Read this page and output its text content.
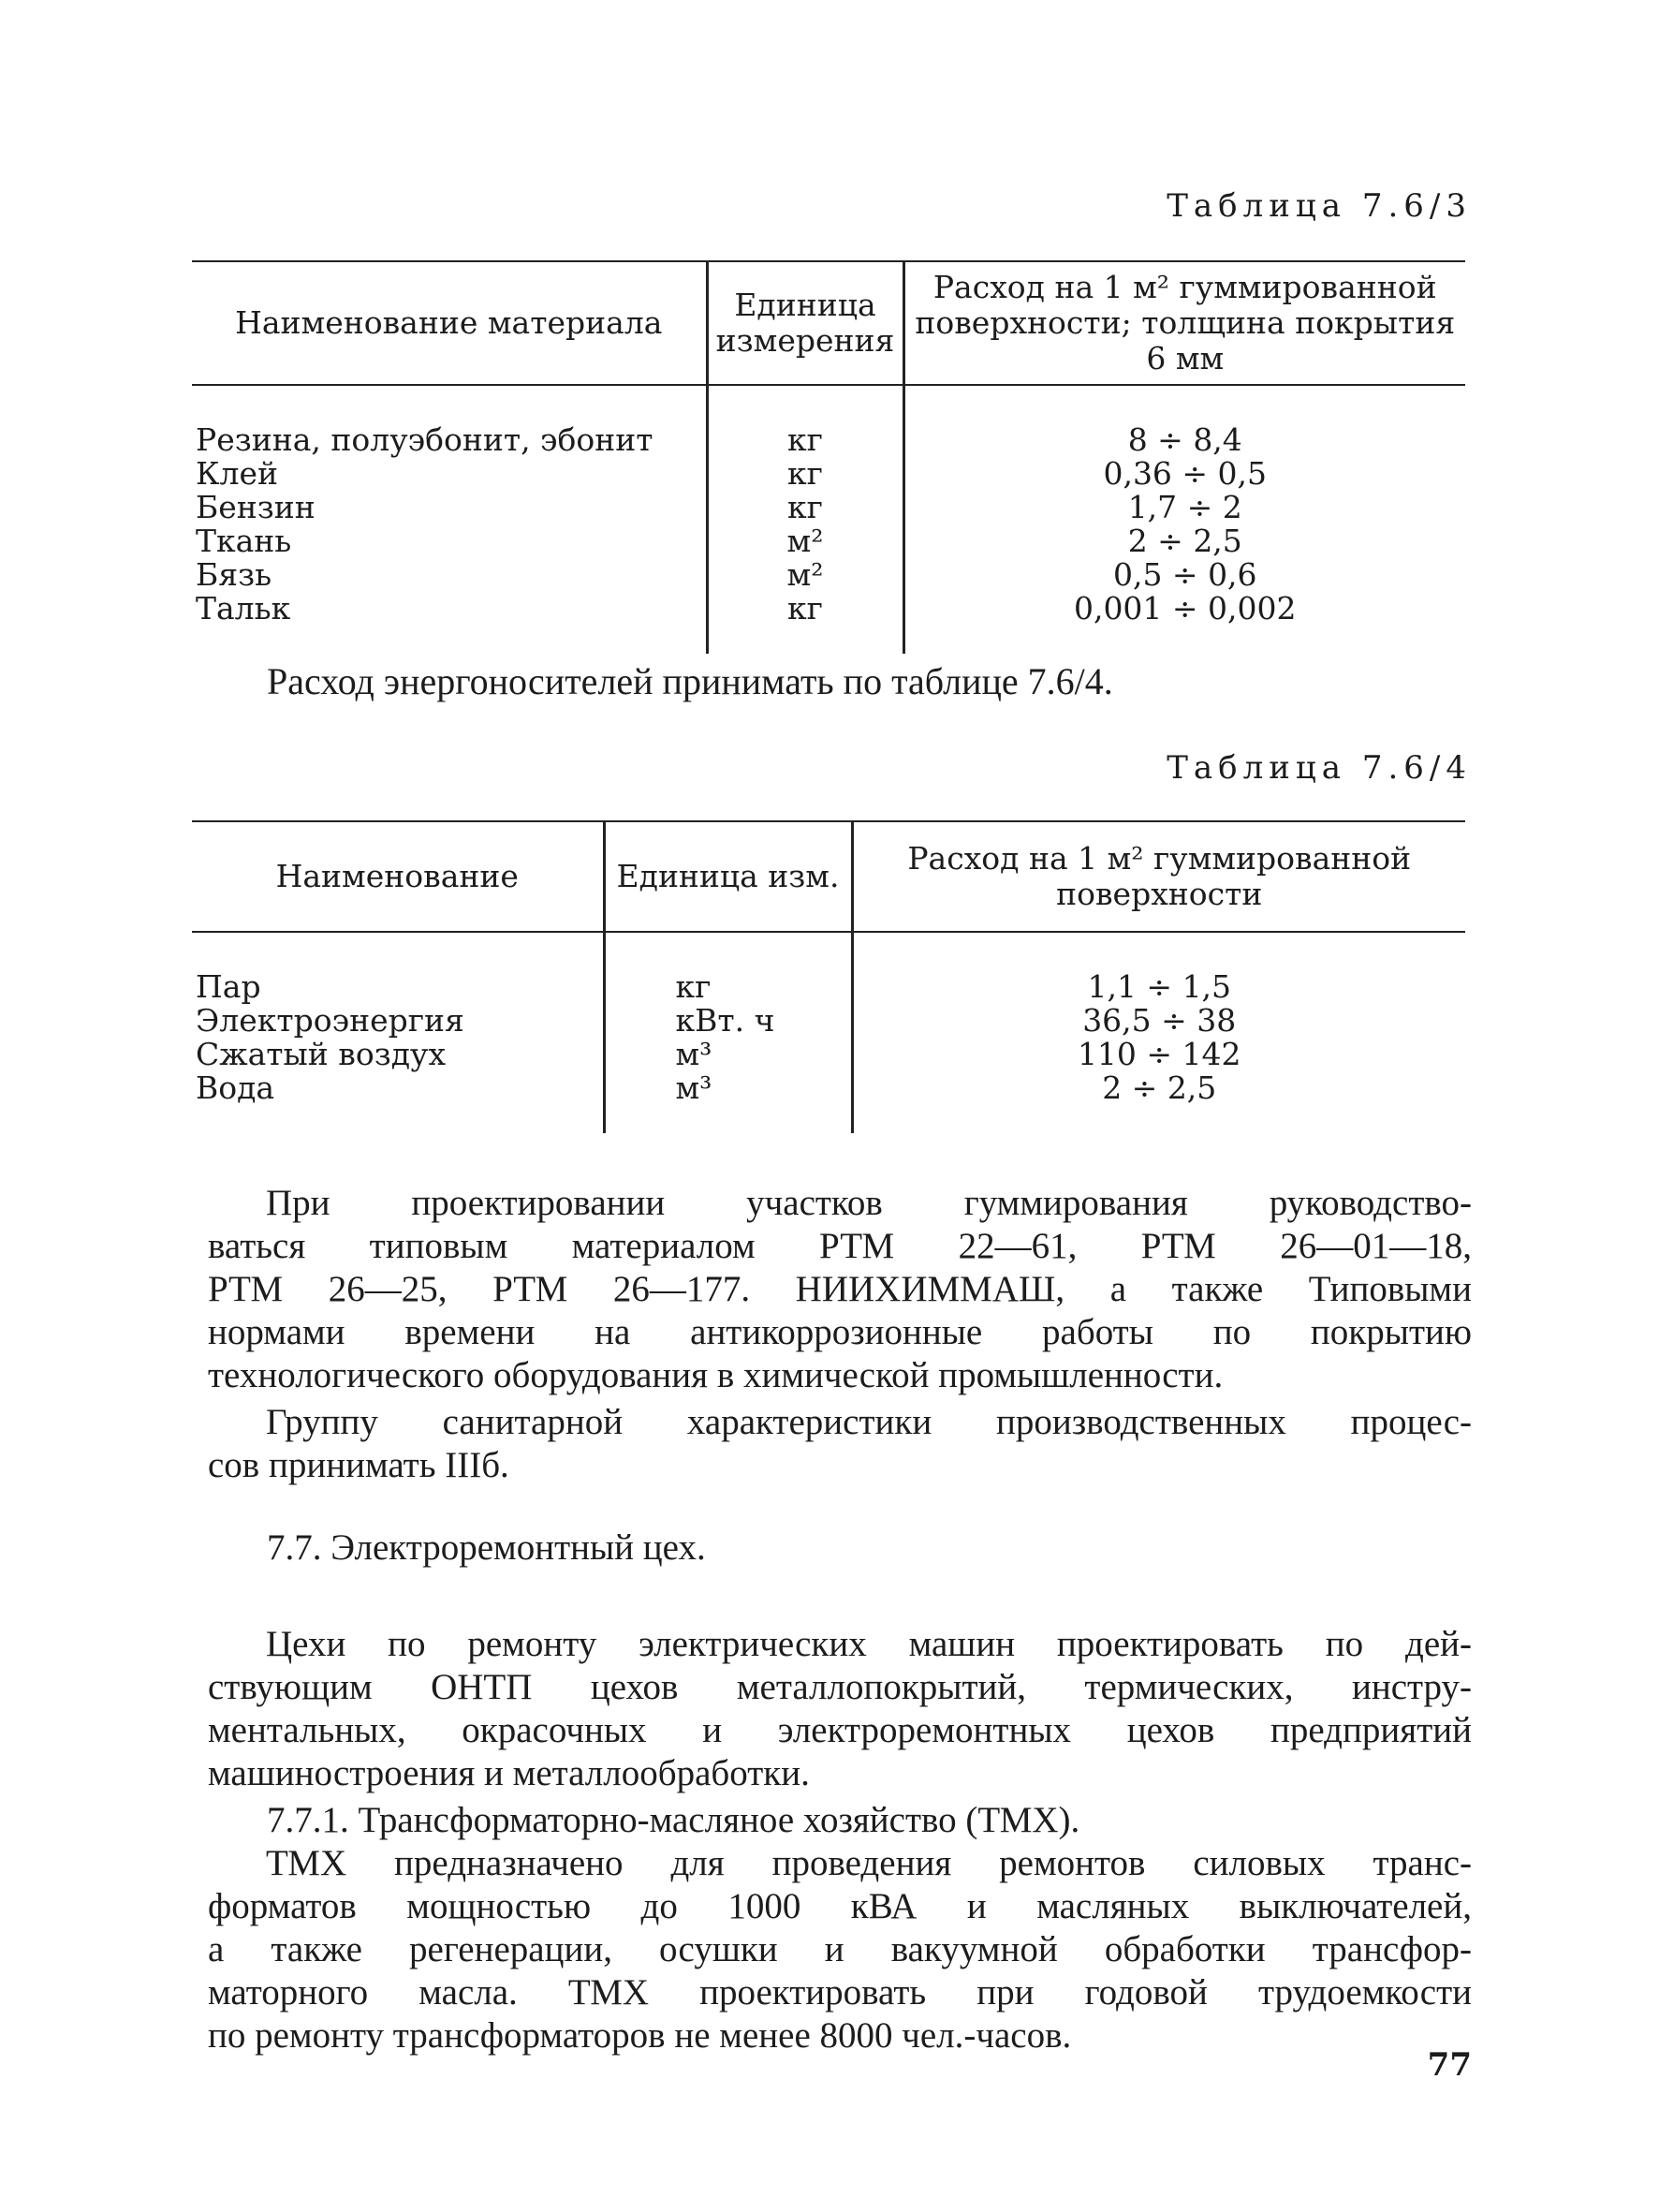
Таблица 7.6/3
Наименование материала	Единица измерения	Расход на 1 м² гуммированной поверхности; толщина покрытия 6 мм
Резина, полуэбонит, эбонит	кг	8 ÷ 8,4
Клей	кг	0,36 ÷ 0,5
Бензин	кг	1,7 ÷ 2
Ткань	м²	2 ÷ 2,5
Бязь	м²	0,5 ÷ 0,6
Тальк	кг	0,001 ÷ 0,002
Расход энергоносителей принимать по таблице 7.6/4.
Таблица 7.6/4
Наименование	Единица изм.	Расход на 1 м² гуммированной поверхности
Пар	кг	1,1 ÷ 1,5
Электроэнергия	кВт. ч	36,5 ÷ 38
Сжатый воздух	м³	110 ÷ 142
Вода	м³	2 ÷ 2,5
При проектировании участков гуммирования руководство-
ваться типовым материалом РТМ 22—61, РТМ 26—01—18,
РТМ 26—25, РТМ 26—177. НИИХИММАШ, а также Типовыми
нормами времени на антикоррозионные работы по покрытию
технологического оборудования в химической промышленности.
Группу санитарной характеристики производственных процес-
сов принимать IIIб.
7.7. Электроремонтный цех.
Цехи по ремонту электрических машин проектировать по дей-
ствующим ОНТП цехов металлопокрытий, термических, инстру-
ментальных, окрасочных и электроремонтных цехов предприятий
машиностроения и металлообработки.
7.7.1. Трансформаторно-масляное хозяйство (ТМХ).
ТМХ предназначено для проведения ремонтов силовых транс-
форматов мощностью до 1000 кВА и масляных выключателей,
а также регенерации, осушки и вакуумной обработки трансфор-
маторного масла. ТМХ проектировать при годовой трудоемкости
по ремонту трансформаторов не менее 8000 чел.-часов.
77
